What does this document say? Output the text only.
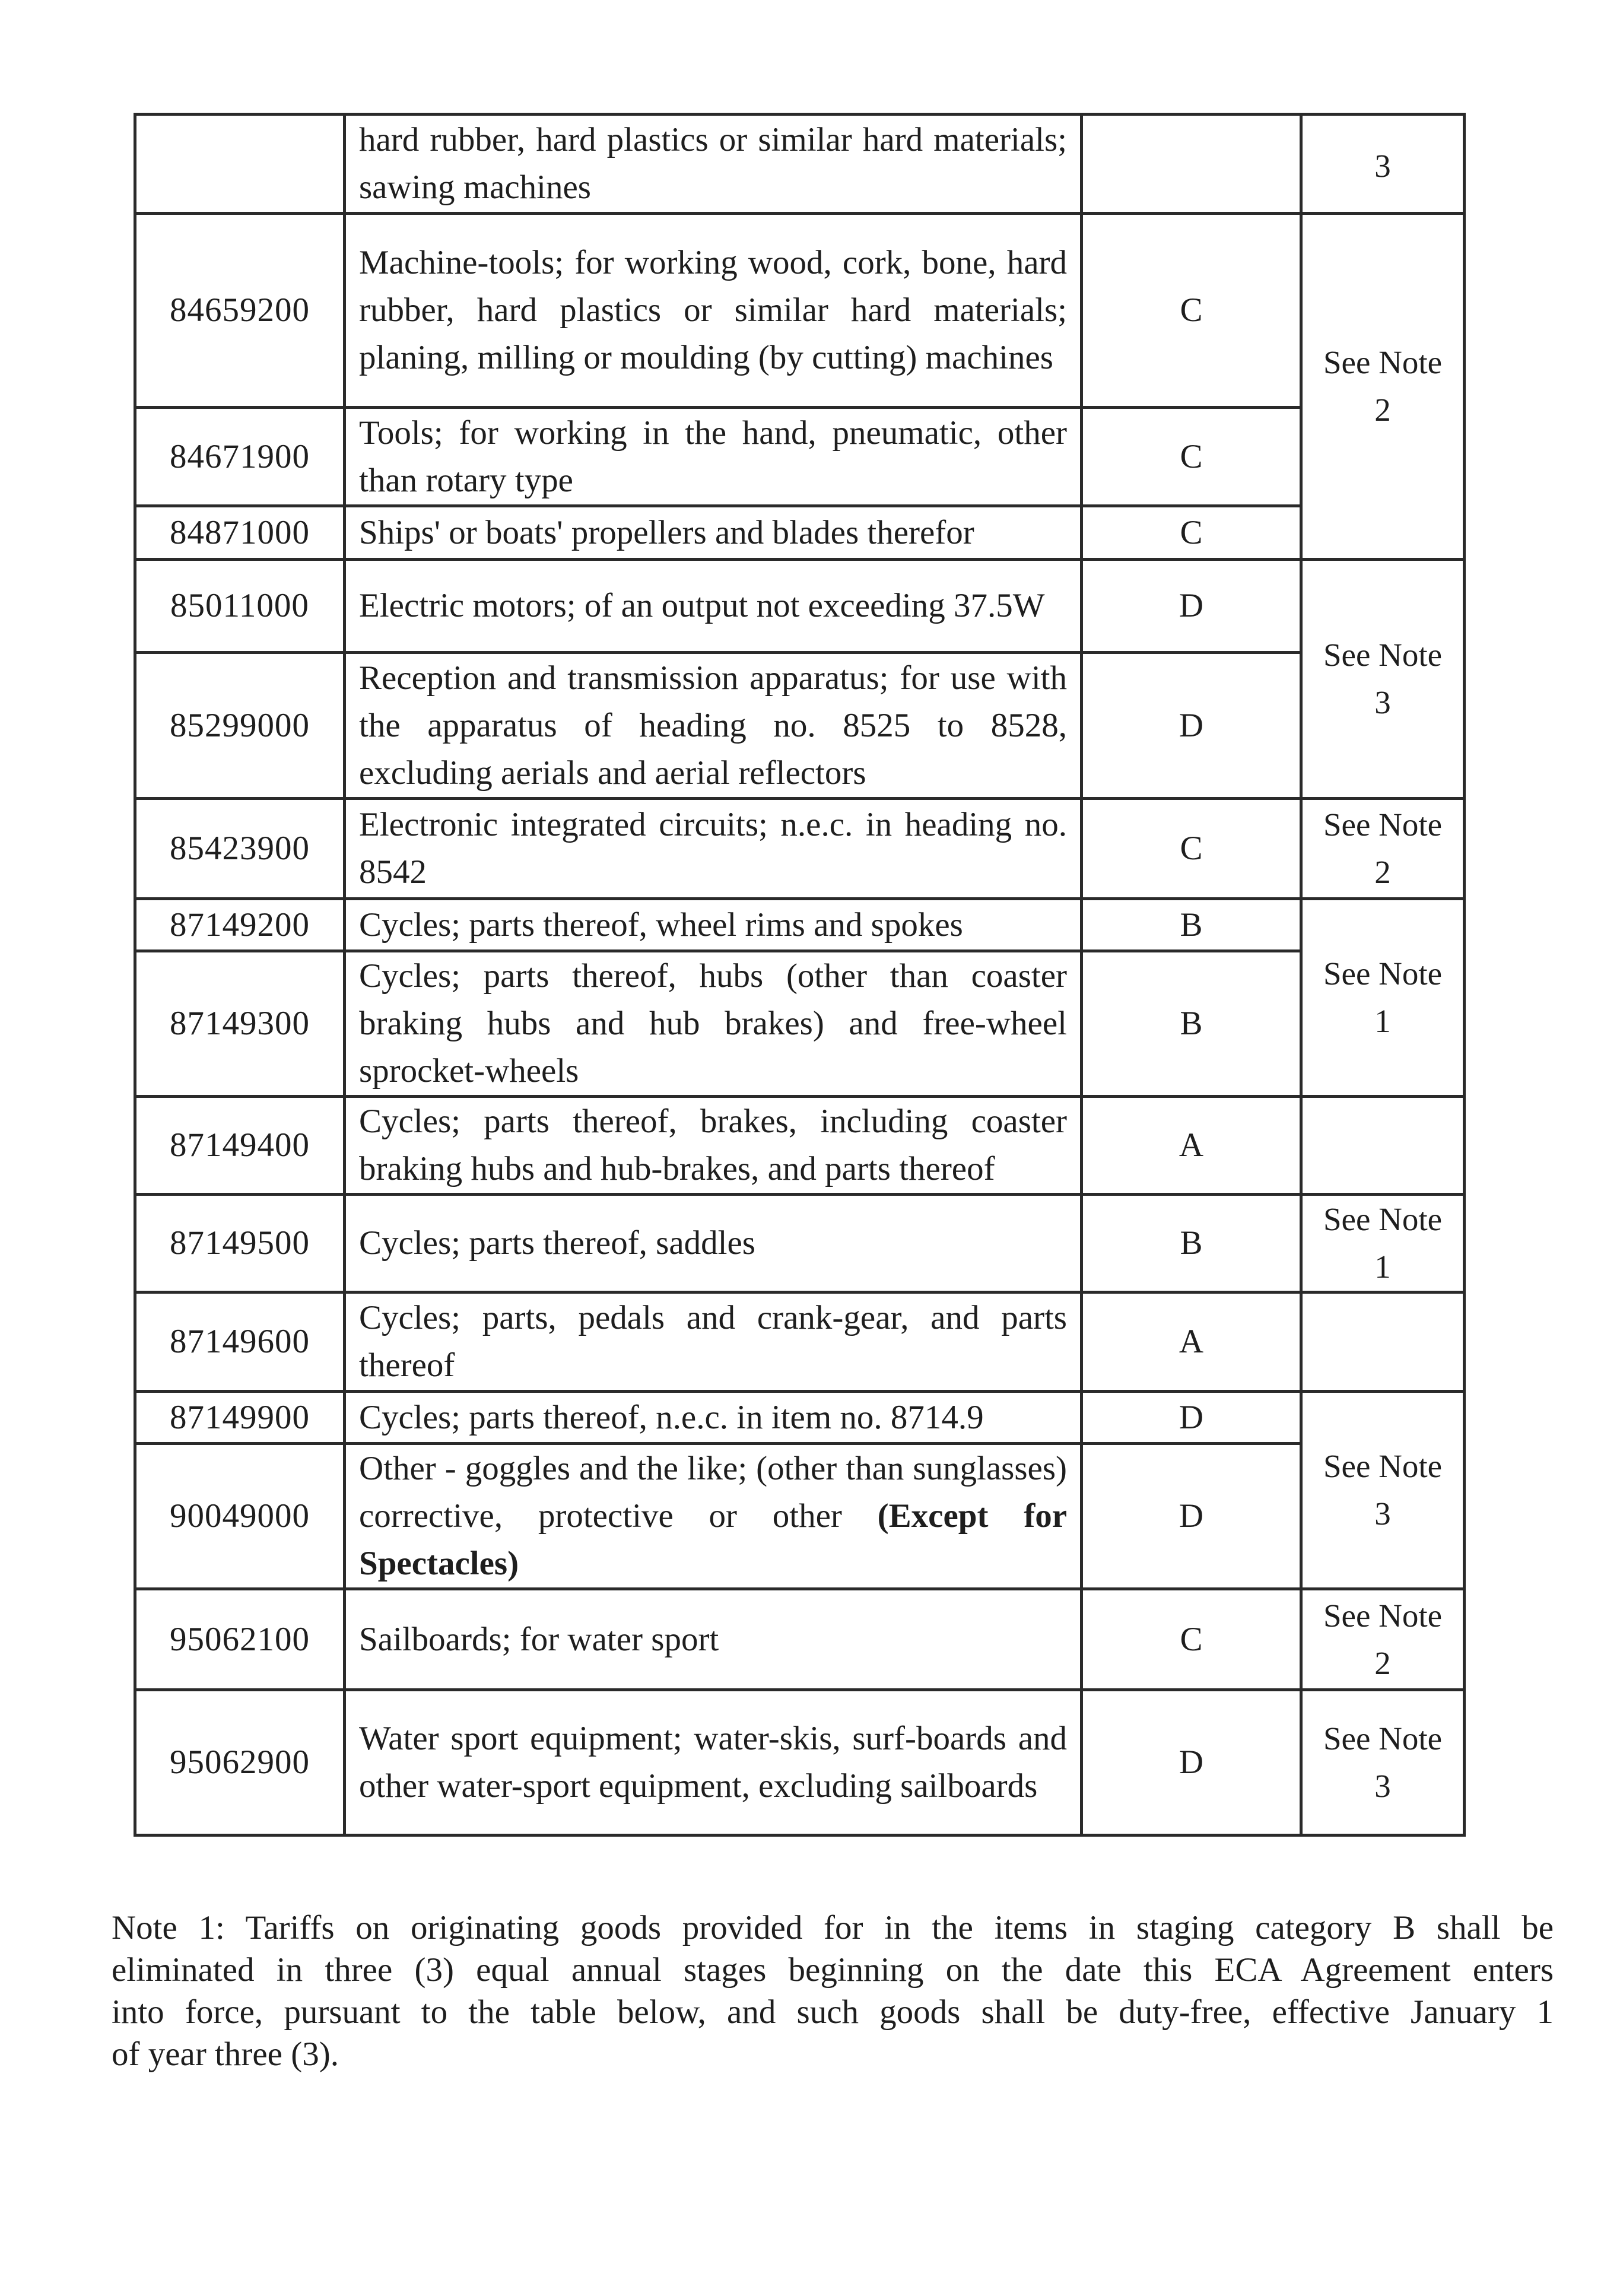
	hard rubber, hard plastics or similar hard materials; sawing machines		3

84659200	Machine-tools; for working wood, cork, bone, hard rubber, hard plastics or similar hard materials; planing, milling or moulding (by cutting) machines	C	See Note
2

84671900	Tools; for working in the hand, pneumatic, other than rotary type	C	
84871000	Ships' or boats' propellers and blades therefor	C	
85011000	Electric motors; of an output not exceeding 37.5W	D	See Note
3

85299000	Reception and transmission apparatus; for use with the apparatus of heading no. 8525 to 8528, excluding aerials and aerial reflectors	D	
85423900	Electronic integrated circuits; n.e.c. in heading no. 8542	C	See Note
2

87149200	Cycles; parts thereof, wheel rims and spokes	B	See Note
1

87149300	Cycles; parts thereof, hubs (other than coaster braking hubs and hub brakes) and free-wheel sprocket-wheels	B	
87149400	Cycles; parts thereof, brakes, including coaster braking hubs and hub-brakes, and parts thereof	A	
87149500	Cycles; parts thereof, saddles	B	See Note
1

87149600	Cycles; parts, pedals and crank-gear, and parts thereof	A	
87149900	Cycles; parts thereof, n.e.c. in item no. 8714.9	D	See Note
3

90049000	Other - goggles and the like; (other than sunglasses) corrective, protective or other (Except for Spectacles)	D	
95062100	Sailboards; for water sport	C	See Note
2

95062900	Water sport equipment; water-skis, surf-boards and other water-sport equipment, excluding sailboards	D	See Note
3
Note 1: Tariffs on originating goods provided for in the items in staging category B shall be
eliminated in three (3) equal annual stages beginning on the date this ECA Agreement enters
into force, pursuant to the table below, and such goods shall be duty-free, effective January 1
of year three (3).
